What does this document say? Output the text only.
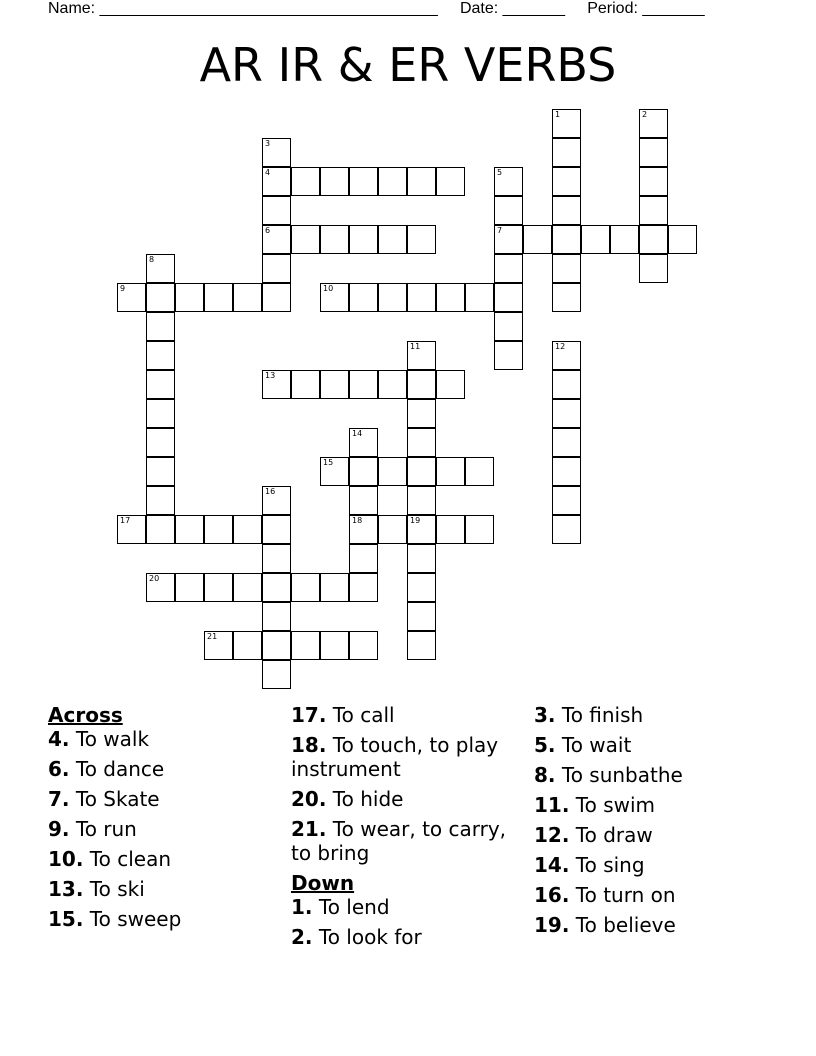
Name: ______________________________________ Date: _______ Period: _______
AR IR & ER VERBS
4
6	7
9	10
13
15
17	18	19
20
21
1	2
3
5
8
11	12
14
16
Across
4. To walk
6. To dance
7. To Skate
9. To run
10. To clean
13. To ski
15. To sweep
17. To call
18. To touch, to play instrument
20. To hide
21. To wear, to carry, to bring
Down
1. To lend
2. To look for
3. To finish
5. To wait
8. To sunbathe
11. To swim
12. To draw
14. To sing
16. To turn on
19. To believe
